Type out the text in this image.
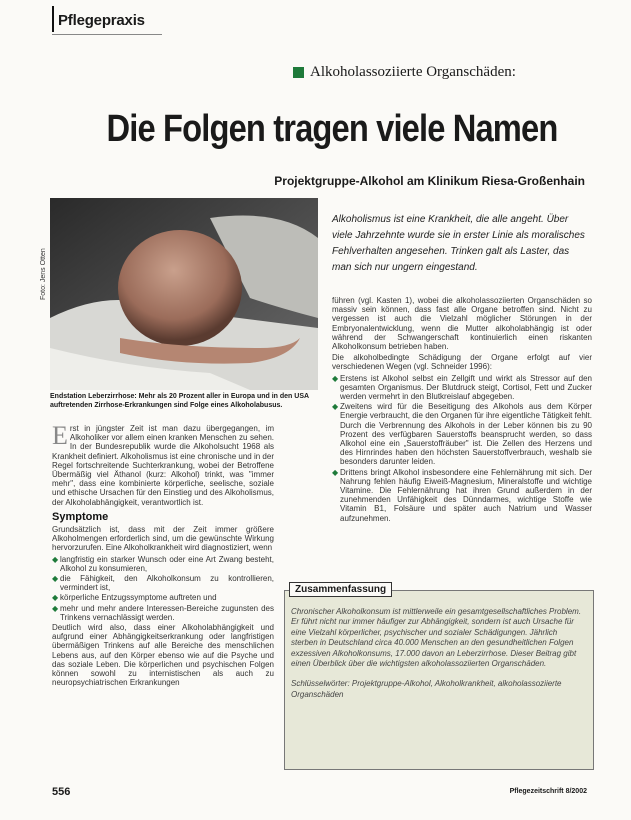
Pflegepraxis
Alkoholassoziierte Organschäden:
Die Folgen tragen viele Namen
Projektgruppe-Alkohol am Klinikum Riesa-Großenhain
Foto: Jens Otten
Endstation Leberzirrhose: Mehr als 20 Prozent aller in Europa und in den USA auftretenden Zirrhose-Erkrankungen sind Folge eines Alkoholabusus.
Alkoholismus ist eine Krankheit, die alle angeht. Über viele Jahrzehnte wurde sie in erster Linie als moralisches Fehlverhalten angesehen. Trinken galt als Laster, das man sich nur ungern eingestand.

Erst in jüngster Zeit ist man dazu übergegangen, im Alkoholiker vor allem einen kranken Menschen zu sehen. In der Bundesrepublik wurde die Alkoholsucht 1968 als Krankheit definiert. Alkoholismus ist eine chronische und in der Regel fortschreitende Suchterkrankung, wobei der Betroffene Übermäßig viel Äthanol (kurz: Alkohol) trinkt, was "immer mehr", dass eine kombinierte körperliche, seelische, soziale und ethische Ursachen für den Einstieg und des Alkoholismus, der Alkoholabhängigkeit, verantwortlich ist.

Symptome

Grundsätzlich ist, dass mit der Zeit immer größere Alkoholmengen erforderlich sind, um die gewünschte Wirkung hervorzurufen. Eine Alkoholkrankheit wird diagnostiziert, wenn

◆ langfristig ein starker Wunsch oder eine Art Zwang besteht, Alkohol zu konsumieren,
◆ die Fähigkeit, den Alkoholkonsum zu kontrollieren, vermindert ist,
◆ körperliche Entzugssymptome auftreten und
◆ mehr und mehr andere Interessen-Bereiche zugunsten des Trinkens vernachlässigt werden.

Deutlich wird also, dass einer Alkoholabhängigkeit und aufgrund einer Abhängigkeitserkrankung oder langfristigen übermäßigen Trinkens auf alle Bereiche des menschlichen Lebens aus, auf den Körper ebenso wie auf die Psyche und das soziale Leben. Die körperlichen und psychischen Folgen können sowohl zu internistischen als auch zu neuropsychiatrischen Erkrankungen

führen (vgl. Kasten 1), wobei die alkoholassoziierten Organschäden so massiv sein können, dass fast alle Organe betroffen sind. Nicht zu vergessen ist auch die Vielzahl möglicher Störungen in der Embryonalentwicklung, wenn die Mutter alkoholabhängig ist oder während der Schwangerschaft kontinuierlich einen riskanten Alkoholkonsum betrieben haben.

Die alkoholbedingte Schädigung der Organe erfolgt auf vier verschiedenen Wegen (vgl. Schneider 1996):

◆ Erstens ist Alkohol selbst ein Zellgift und wirkt als Stressor auf den gesamten Organismus. Der Blutdruck steigt, Cortisol, Fett und Zucker werden vermehrt in den Blutkreislauf abgegeben.
◆ Zweitens wird für die Beseitigung des Alkohols aus dem Körper Energie verbraucht, die den Organen für ihre eigentliche Tätigkeit fehlt. Durch die Verbrennung des Alkohols in der Leber können bis zu 90 Prozent des verfügbaren Sauerstoffs beansprucht werden, so dass Alkohol eine ein „Sauerstoffräuber" ist. Die Zellen des Herzens und des Hirnrindes haben den höchsten Sauerstoffverbrauch, weshalb sie besonders darunter leiden.
◆ Drittens bringt Alkohol insbesondere eine Fehlernährung mit sich. Der Nahrung fehlen häufig Eiweiß-Magnesium, Mineralstoffe und wichtige Vitamine. Die Fehlernährung hat ihren Grund außerdem in der zunehmenden Unfähigkeit des Dünndarmes, wichtige Stoffe wie Vitamin B1, Folsäure und später auch Natrium und Wasser aufzunehmen.
Zusammenfassung
Chronischer Alkoholkonsum ist mittlerweile ein gesamtgesellschaftliches Problem. Er führt nicht nur immer häufiger zur Abhängigkeit, sondern ist auch Ursache für eine Vielzahl körperlicher, psychischer und sozialer Schädigungen. Jährlich sterben in Deutschland circa 40.000 Menschen an den gesundheitlichen Folgen exzessiven Alkoholkonsums, 17.000 davon an Leberzirrhose. Dieser Beitrag gibt einen Überblick über die wichtigsten alkoholassoziierten Organschäden.
Schlüsselwörter: Projektgruppe-Alkohol, Alkoholkrankheit, alkoholassoziierte Organschäden
556	Pflegezeitschrift 8/2002
